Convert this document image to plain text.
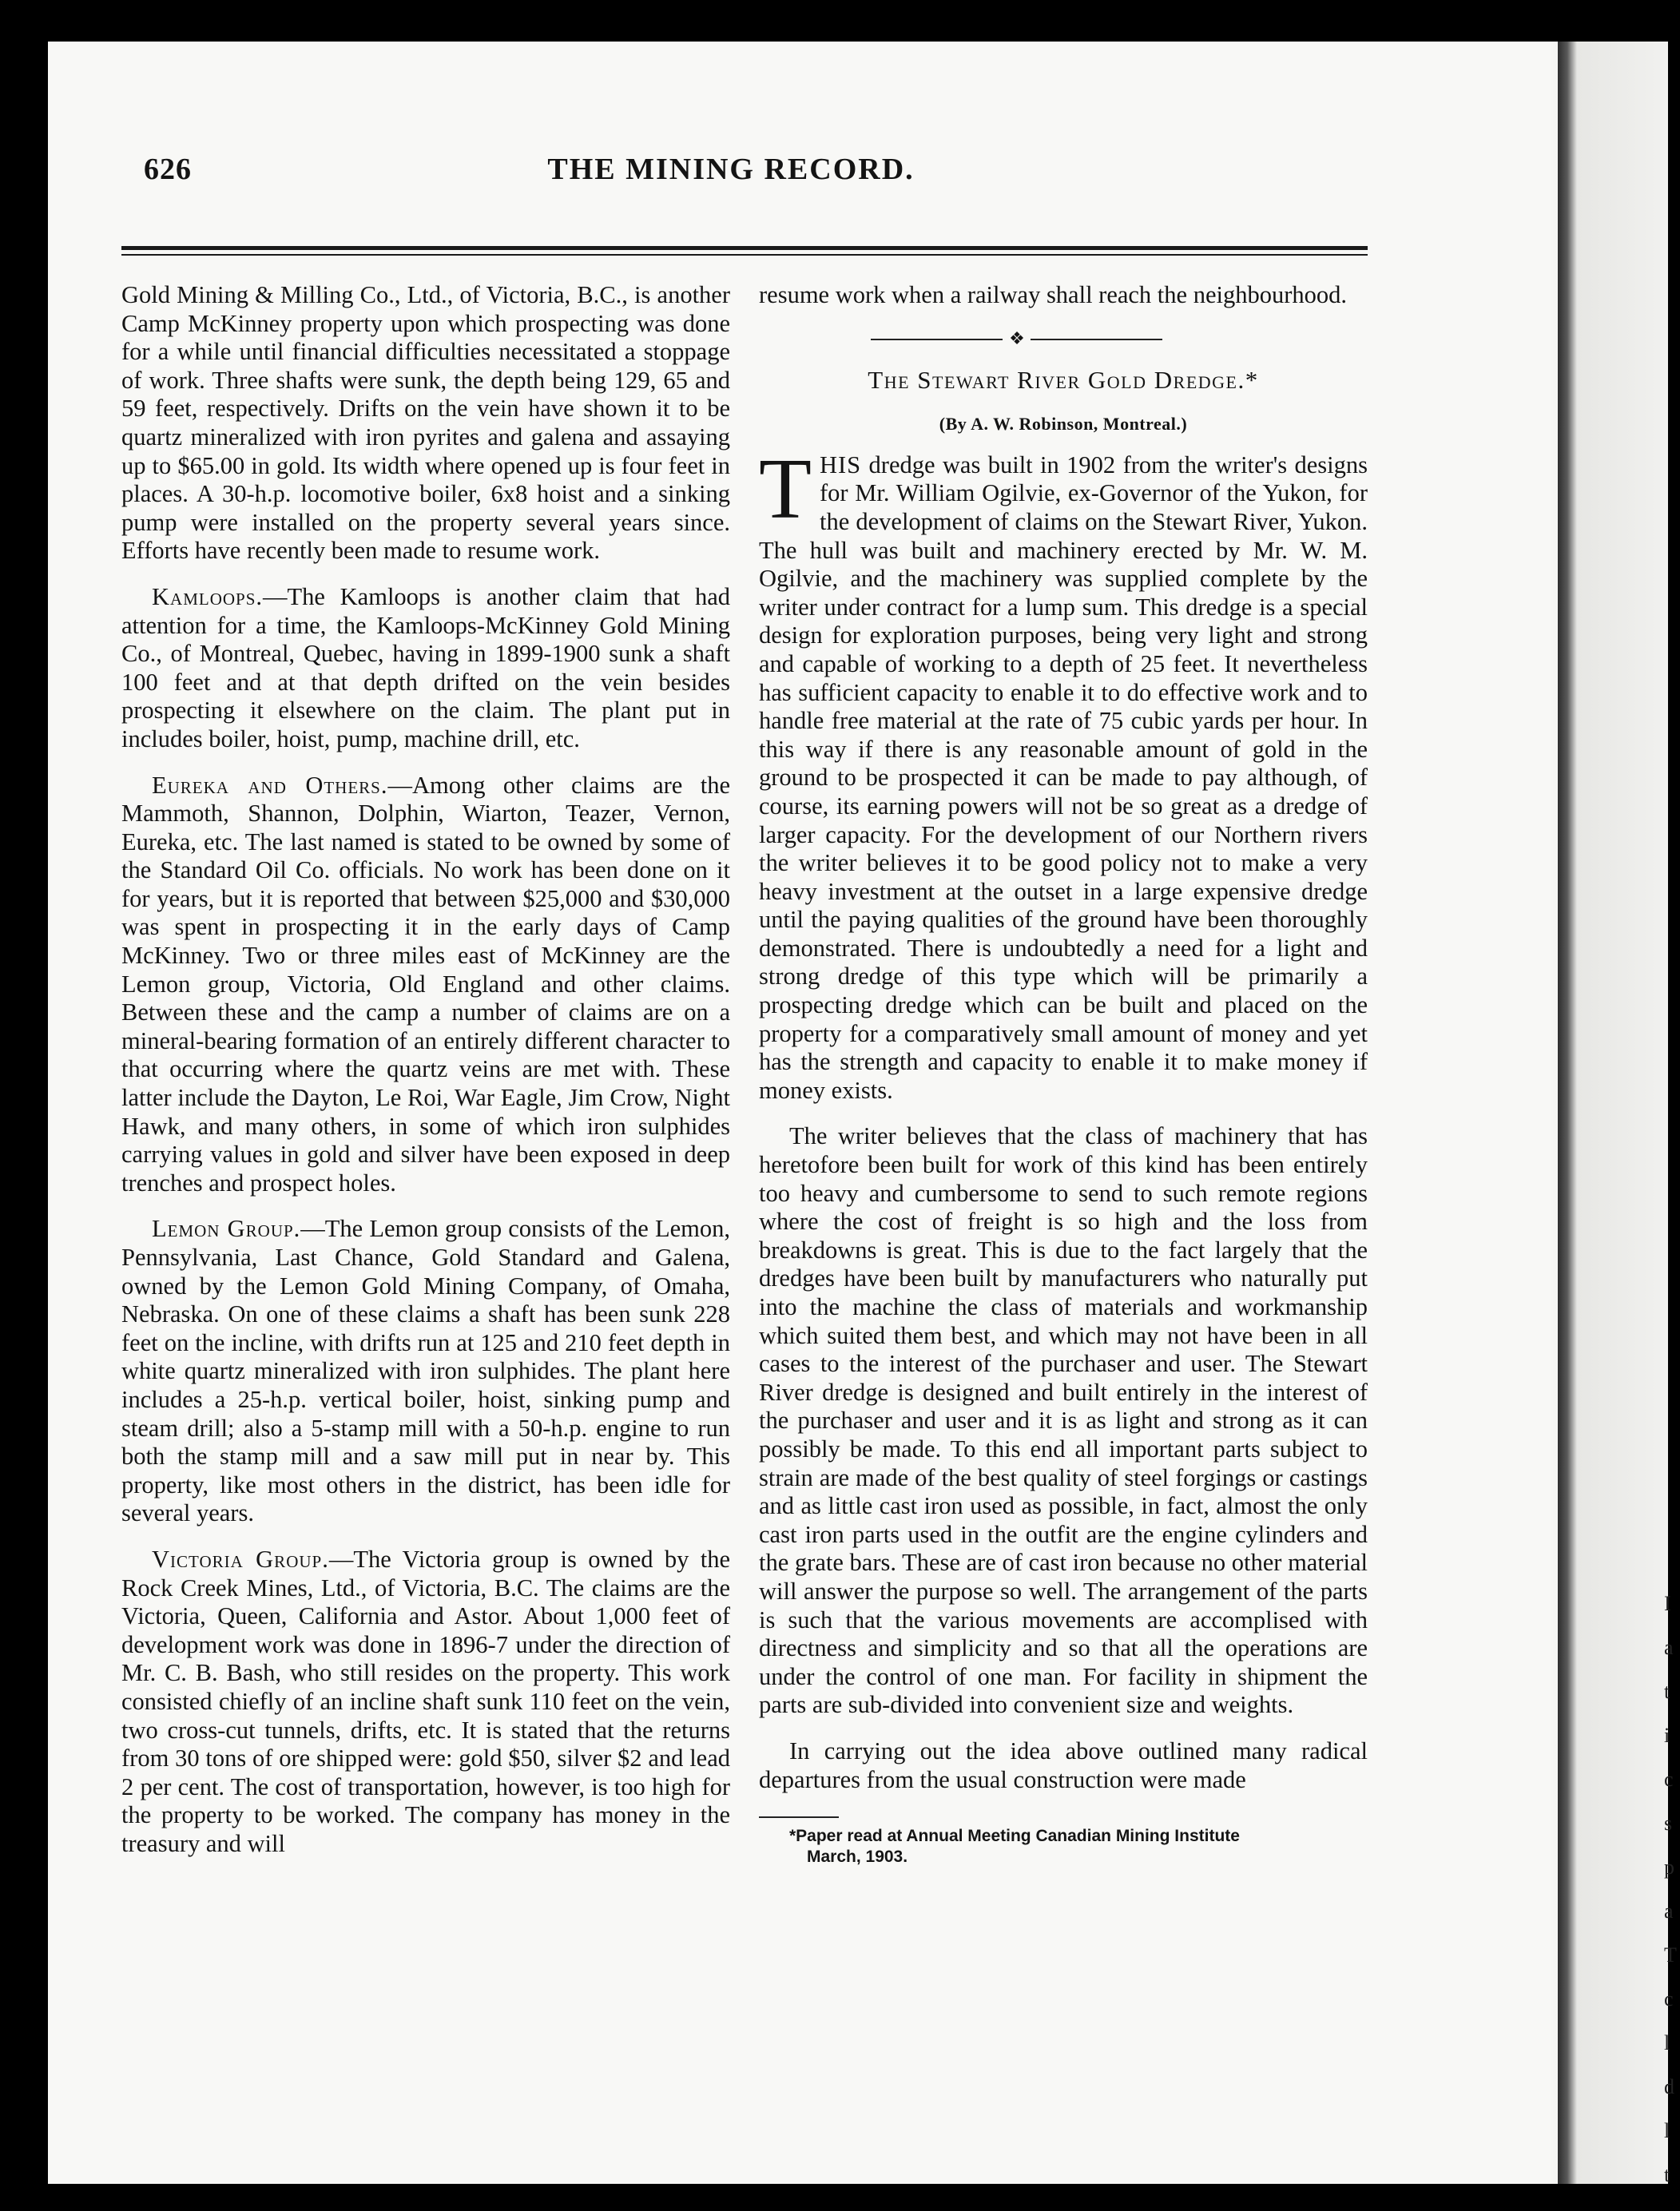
626	THE MINING RECORD.

Gold Mining & Milling Co., Ltd., of Victoria, B.C., is another Camp McKinney property upon which prospecting was done for a while until financial difficulties necessitated a stoppage of work. Three shafts were sunk, the depth being 129, 65 and 59 feet, respectively. Drifts on the vein have shown it to be quartz mineralized with iron pyrites and galena and assaying up to $65.00 in gold. Its width where opened up is four feet in places. A 30-h.p. locomotive boiler, 6x8 hoist and a sinking pump were installed on the property several years since. Efforts have recently been made to resume work.

Kamloops.—The Kamloops is another claim that had attention for a time, the Kamloops-McKinney Gold Mining Co., of Montreal, Quebec, having in 1899-1900 sunk a shaft 100 feet and at that depth drifted on the vein besides prospecting it elsewhere on the claim. The plant put in includes boiler, hoist, pump, machine drill, etc.

Eureka and Others.—Among other claims are the Mammoth, Shannon, Dolphin, Wiarton, Teazer, Vernon, Eureka, etc. The last named is stated to be owned by some of the Standard Oil Co. officials. No work has been done on it for years, but it is reported that between $25,000 and $30,000 was spent in prospecting it in the early days of Camp McKinney. Two or three miles east of McKinney are the Lemon group, Victoria, Old England and other claims. Between these and the camp a number of claims are on a mineral-bearing formation of an entirely different character to that occurring where the quartz veins are met with. These latter include the Dayton, Le Roi, War Eagle, Jim Crow, Night Hawk, and many others, in some of which iron sulphides carrying values in gold and silver have been exposed in deep trenches and prospect holes.

Lemon Group.—The Lemon group consists of the Lemon, Pennsylvania, Last Chance, Gold Standard and Galena, owned by the Lemon Gold Mining Company, of Omaha, Nebraska. On one of these claims a shaft has been sunk 228 feet on the incline, with drifts run at 125 and 210 feet depth in white quartz mineralized with iron sulphides. The plant here includes a 25-h.p. vertical boiler, hoist, sinking pump and steam drill; also a 5-stamp mill with a 50-h.p. engine to run both the stamp mill and a saw mill put in near by. This property, like most others in the district, has been idle for several years.

Victoria Group.—The Victoria group is owned by the Rock Creek Mines, Ltd., of Victoria, B.C. The claims are the Victoria, Queen, California and Astor. About 1,000 feet of development work was done in 1896-7 under the direction of Mr. C. B. Bash, who still resides on the property. This work consisted chiefly of an incline shaft sunk 110 feet on the vein, two cross-cut tunnels, drifts, etc. It is stated that the returns from 30 tons of ore shipped were: gold $50, silver $2 and lead 2 per cent. The cost of transportation, however, is too high for the property to be worked. The company has money in the treasury and will

resume work when a railway shall reach the neighbourhood.

❖
The Stewart River Gold Dredge.*
(By A. W. Robinson, Montreal.)

THIS dredge was built in 1902 from the writer's designs for Mr. William Ogilvie, ex-Governor of the Yukon, for the development of claims on the Stewart River, Yukon. The hull was built and machinery erected by Mr. W. M. Ogilvie, and the machinery was supplied complete by the writer under contract for a lump sum. This dredge is a special design for exploration purposes, being very light and strong and capable of working to a depth of 25 feet. It nevertheless has sufficient capacity to enable it to do effective work and to handle free material at the rate of 75 cubic yards per hour. In this way if there is any reasonable amount of gold in the ground to be prospected it can be made to pay although, of course, its earning powers will not be so great as a dredge of larger capacity. For the development of our Northern rivers the writer believes it to be good policy not to make a very heavy investment at the outset in a large expensive dredge until the paying qualities of the ground have been thoroughly demonstrated. There is undoubtedly a need for a light and strong dredge of this type which will be primarily a prospecting dredge which can be built and placed on the property for a comparatively small amount of money and yet has the strength and capacity to enable it to make money if money exists.

The writer believes that the class of machinery that has heretofore been built for work of this kind has been entirely too heavy and cumbersome to send to such remote regions where the cost of freight is so high and the loss from breakdowns is great. This is due to the fact largely that the dredges have been built by manufacturers who naturally put into the machine the class of materials and workmanship which suited them best, and which may not have been in all cases to the interest of the purchaser and user. The Stewart River dredge is designed and built entirely in the interest of the purchaser and user and it is as light and strong as it can possibly be made. To this end all important parts subject to strain are made of the best quality of steel forgings or castings and as little cast iron used as possible, in fact, almost the only cast iron parts used in the outfit are the engine cylinders and the grate bars. These are of cast iron because no other material will answer the purpose so well. The arrangement of the parts is such that the various movements are accomplised with directness and simplicity and so that all the operations are under the control of one man. For facility in shipment the parts are sub-divided into convenient size and weights.

In carrying out the idea above outlined many radical departures from the usual construction were made

*Paper read at Annual Meeting Canadian Mining Institute
March, 1903.

I
a
t
i
c
s
p
a
T
c
l
d
l
t
